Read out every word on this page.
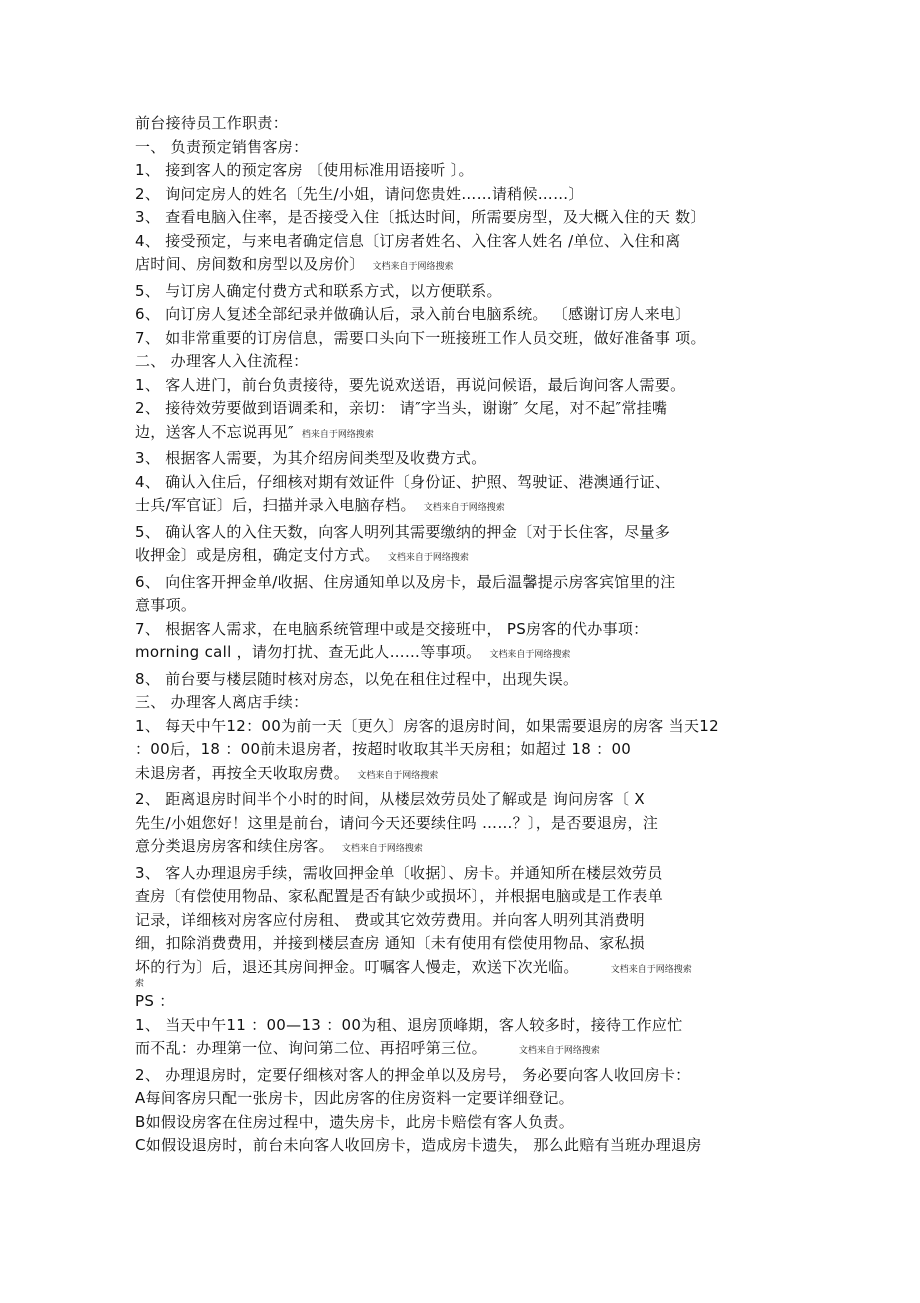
前台接待员工作职责：
一、 负责预定销售客房：
1、 接到客人的预定客房 〔使用标准用语接听 〕。
2、 询问定房人的姓名〔先生/小姐，请问您贵姓……请稍候……〕
3、 查看电脑入住率，是否接受入住〔抵达时间，所需要房型，及大概入住的天 数〕
4、 接受预定，与来电者确定信息〔订房者姓名、入住客人姓名 /单位、入住和离
店时间、房间数和房型以及房价〕 文档来自于网络搜索
5、 与订房人确定付费方式和联系方式，以方便联系。
6、 向订房人复述全部纪录并做确认后，录入前台电脑系统。 〔感谢订房人来电〕
7、 如非常重要的订房信息，需要口头向下一班接班工作人员交班，做好准备事 项。
二、 办理客人入住流程：
1、 客人进门，前台负责接待，要先说欢送语，再说问候语，最后询问客人需要。
2、 接待效劳要做到语调柔和，亲切： 请″字当头，谢谢″ 攵尾，对不起″常挂嘴
边，送客人不忘说再见″ 档来自于网络搜索
3、 根据客人需要，为其介绍房间类型及收费方式。
4、 确认入住后，仔细核对期有效证件〔身份证、护照、驾驶证、港澳通行证、
士兵/军官证〕后，扫描并录入电脑存档。 文档来自于网络搜索
5、 确认客人的入住天数，向客人明列其需要缴纳的押金〔对于长住客，尽量多
收押金〕或是房租，确定支付方式。 文档来自于网络搜索
6、 向住客开押金单/收据、住房通知单以及房卡，最后温馨提示房客宾馆里的注
意事项。
7、 根据客人需求，在电脑系统管理中或是交接班中， PS房客的代办事项：
morning call ，请勿打扰、查无此人……等事项。 文档来自于网络搜索
8、 前台要与楼层随时核对房态，以免在租住过程中，出现失误。
三、 办理客人离店手续：
1、 每天中午12：00为前一天〔更久〕房客的退房时间，如果需要退房的房客 当天12
：00后，18 ：00前未退房者，按超时收取其半天房租；如超过 18 ：00
未退房者，再按全天收取房费。 文档来自于网络搜索
2、 距离退房时间半个小时的时间，从楼层效劳员处了解或是 询问房客〔 X
先生/小姐您好！这里是前台，请问今天还要续住吗 ……？〕，是否要退房，注
意分类退房房客和续住房客。 文档来自于网络搜索
3、 客人办理退房手续，需收回押金单〔收据〕、房卡。并通知所在楼层效劳员
查房〔有偿使用物品、家私配置是否有缺少或损坏〕，并根据电脑或是工作表单
记录，详细核对房客应付房租、 费或其它效劳费用。并向客人明列其消费明
细，扣除消费费用，并接到楼层查房 通知〔未有使用有偿使用物品、家私损
坏的行为〕后，退还其房间押金。叮嘱客人慢走，欢送下次光临。	文档来自于网络搜索
索
PS ：
1、 当天中午11 ：00—13 ：00为租、退房顶峰期，客人较多时，接待工作应忙
而不乱：办理第一位、询问第二位、再招呼第三位。	文档来自于网络搜索
2、 办理退房时，定要仔细核对客人的押金单以及房号， 务必要向客人收回房卡：
A每间客房只配一张房卡，因此房客的住房资料一定要详细登记。
B如假设房客在住房过程中，遗失房卡，此房卡赔偿有客人负责。
C如假设退房时，前台未向客人收回房卡，造成房卡遗失， 那么此赔有当班办理退房
